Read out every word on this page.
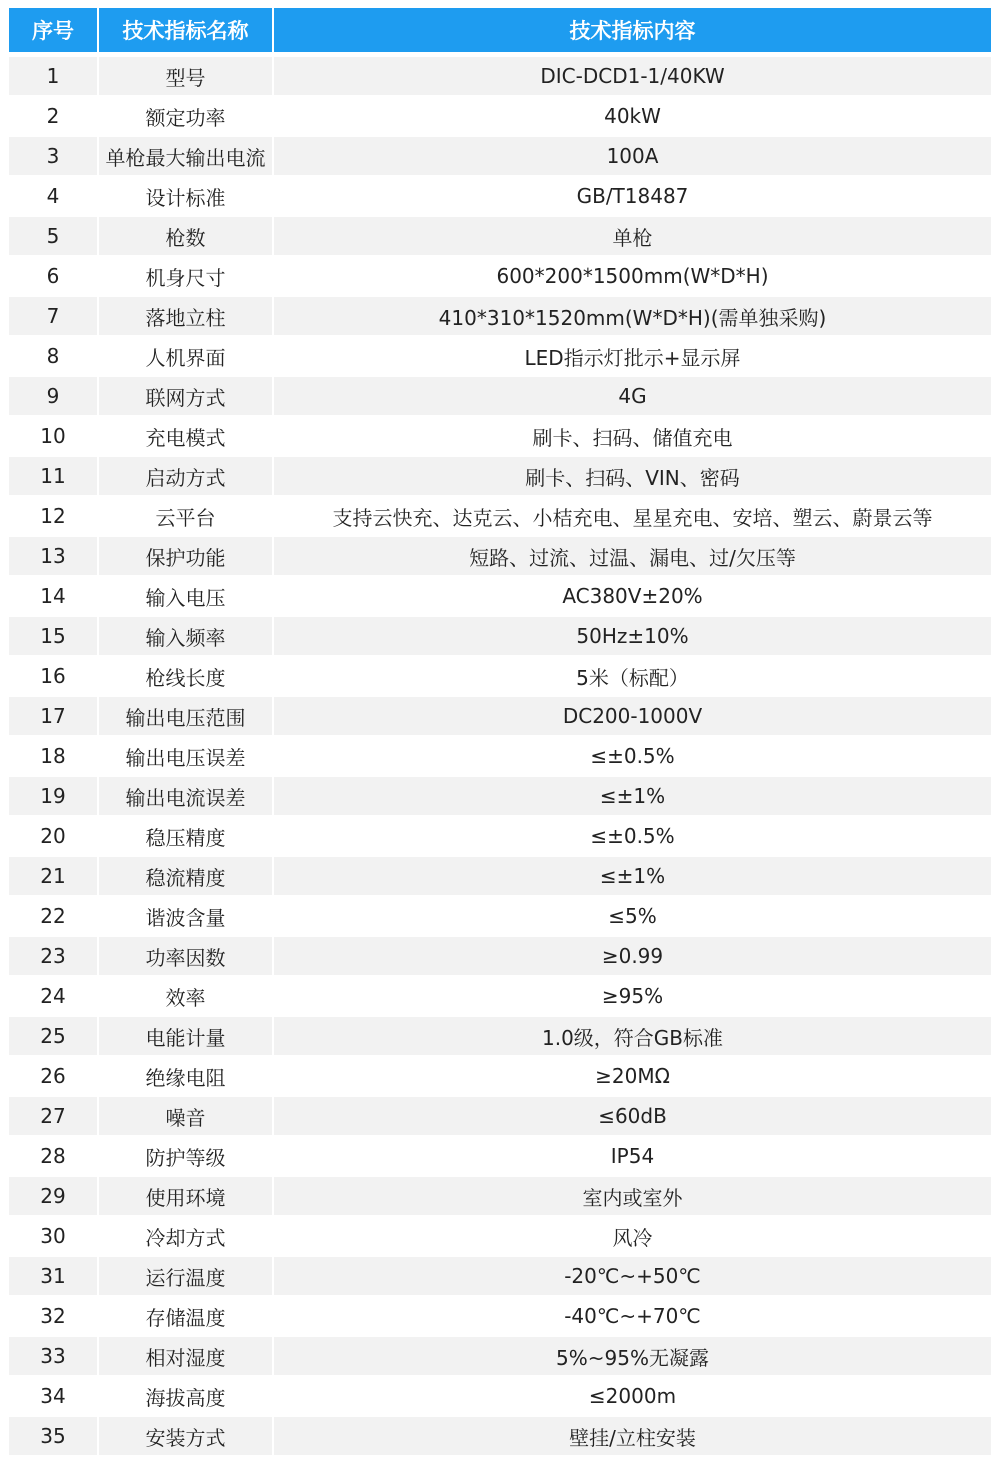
序号	技术指标名称	技术指标内容
1	型号	DIC-DCD1-1/40KW
2	额定功率	40kW
3	单枪最大输出电流	100A
4	设计标准	GB/T18487
5	枪数	单枪
6	机身尺寸	600*200*1500mm(W*D*H)
7	落地立柱	410*310*1520mm(W*D*H)(需单独采购)
8	人机界面	LED指示灯批示+显示屏
9	联网方式	4G
10	充电模式	刷卡、扫码、储值充电
11	启动方式	刷卡、扫码、VIN、密码
12	云平台	支持云快充、达克云、小桔充电、星星充电、安培、塑云、蔚景云等
13	保护功能	短路、过流、过温、漏电、过/欠压等
14	输入电压	AC380V±20%
15	输入频率	50Hz±10%
16	枪线长度	5米（标配）
17	输出电压范围	DC200-1000V
18	输出电压误差	≤±0.5%
19	输出电流误差	≤±1%
20	稳压精度	≤±0.5%
21	稳流精度	≤±1%
22	谐波含量	≤5%
23	功率因数	≥0.99
24	效率	≥95%
25	电能计量	1.0级，符合GB标准
26	绝缘电阻	≥20MΩ
27	噪音	≤60dB
28	防护等级	IP54
29	使用环境	室内或室外
30	冷却方式	风冷
31	运行温度	-20℃~+50℃
32	存储温度	-40℃~+70℃
33	相对湿度	5%~95%无凝露
34	海拔高度	≤2000m
35	安装方式	壁挂/立柱安装
